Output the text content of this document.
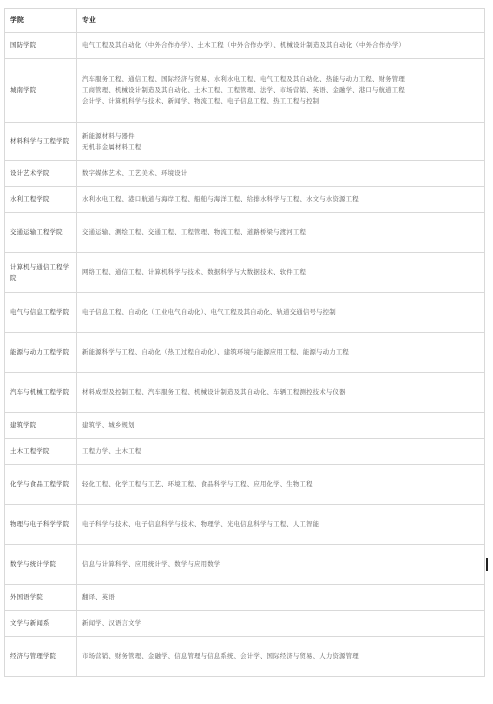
学院	专业
国防学院	电气工程及其自动化（中外合作办学）、土木工程（中外合作办学）、机械设计制造及其自动化（中外合作办学）

城南学院	汽车服务工程、通信工程、国际经济与贸易、水利水电工程、电气工程及其自动化、热能与动力工程、财务管理
工商管理、机械设计制造及其自动化、土木工程、工程管理、法学、市场营销、英语、金融学、港口与航道工程
会计学、计算机科学与技术、新闻学、物流工程、电子信息工程、热工工程与控制

材料科学与工程学院	新能源材料与器件
无机非金属材料工程

设计艺术学院	数字媒体艺术、工艺美术、环境设计

水利工程学院	水利水电工程、港口航道与海岸工程、船舶与海洋工程、给排水科学与工程、水文与水资源工程

交通运输工程学院	交通运输、测绘工程、交通工程、工程管理、物流工程、道路桥梁与渡河工程

计算机与通信工程学院	网络工程、通信工程、计算机科学与技术、数据科学与大数据技术、软件工程

电气与信息工程学院	电子信息工程、自动化（工业电气自动化）、电气工程及其自动化、轨道交通信号与控制

能源与动力工程学院	新能源科学与工程、自动化（热工过程自动化）、建筑环境与能源应用工程、能源与动力工程

汽车与机械工程学院	材料成型及控制工程、汽车服务工程、机械设计制造及其自动化、车辆工程测控技术与仪器

建筑学院	建筑学、城乡规划

土木工程学院	工程力学、土木工程

化学与食品工程学院	轻化工程、化学工程与工艺、环境工程、食品科学与工程、应用化学、生物工程

物理与电子科学学院	电子科学与技术、电子信息科学与技术、物理学、光电信息科学与工程、人工智能

数学与统计学院	信息与计算科学、应用统计学、数学与应用数学

外国语学院	翻译、英语

文学与新闻系	新闻学、汉语言文学

经济与管理学院	市场营销、财务管理、金融学、信息管理与信息系统、会计学、国际经济与贸易、人力资源管理
